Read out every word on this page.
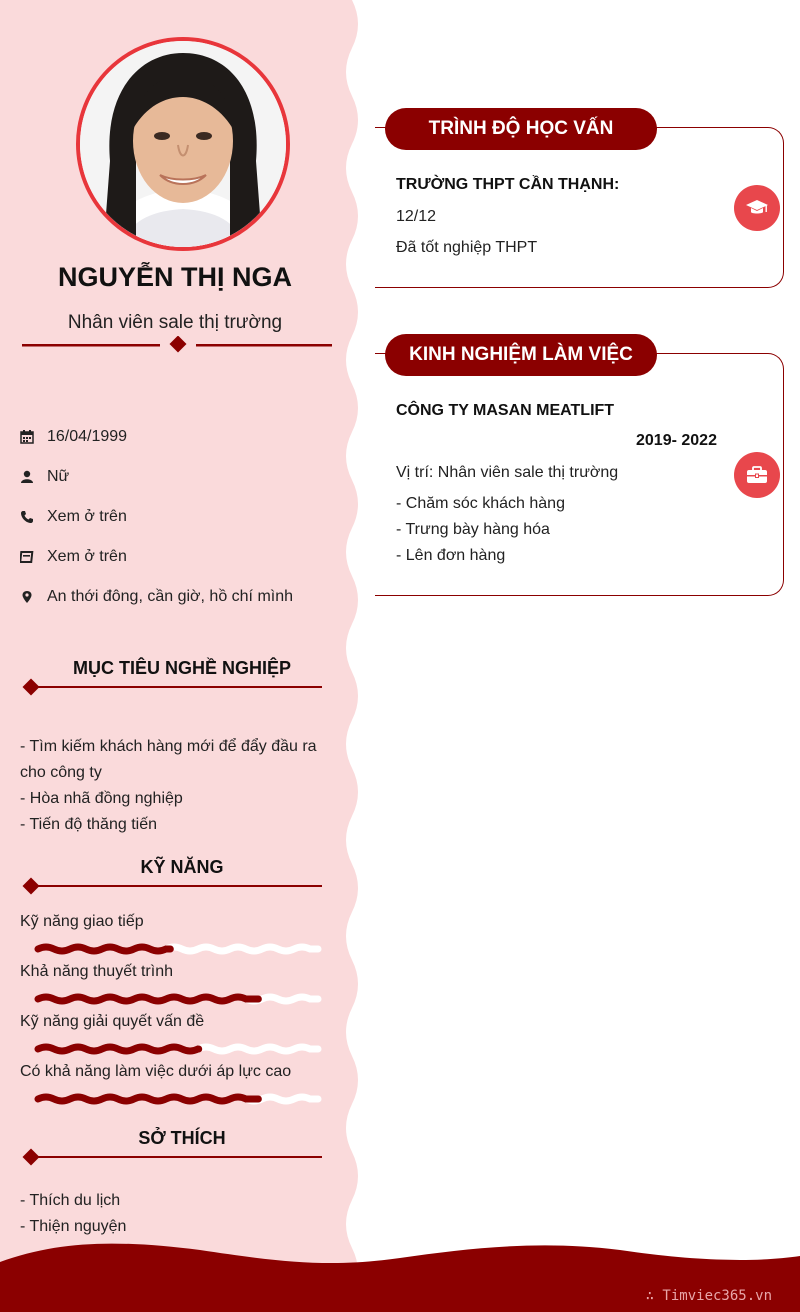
NGUYỄN THỊ NGA
Nhân viên sale thị trường
16/04/1999
Nữ
Xem ở trên
Xem ở trên
An thới đông, cần giờ, hồ chí mình
MỤC TIÊU NGHỀ NGHIỆP
- Tìm kiếm khách hàng mới để đẩy đầu ra cho công ty
- Hòa nhã đồng nghiệp
- Tiến độ thăng tiến
KỸ NĂNG
Kỹ năng giao tiếp
Khả năng thuyết trình
Kỹ năng giải quyết vấn đề
Có khả năng làm việc dưới áp lực cao
SỞ THÍCH
- Thích du lịch
- Thiện nguyện
TRÌNH ĐỘ HỌC VẤN
TRƯỜNG THPT CẦN THẠNH:
12/12
Đã tốt nghiệp THPT
KINH NGHIỆM LÀM VIỆC
CÔNG TY MASAN MEATLIFT
2019- 2022
Vị trí: Nhân viên sale thị trường
- Chăm sóc khách hàng
- Trưng bày hàng hóa
- Lên đơn hàng
∴ Timviec365.vn
